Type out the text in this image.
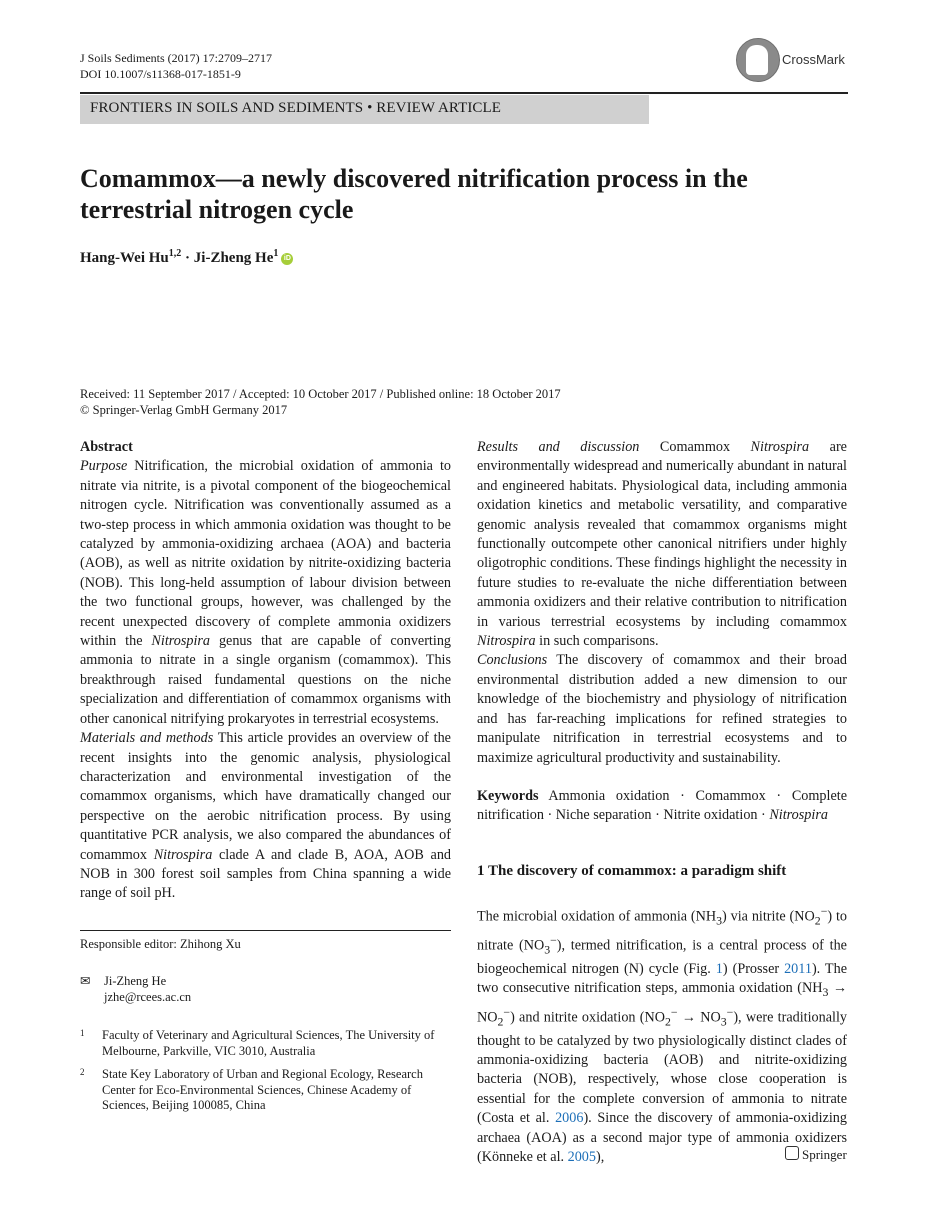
J Soils Sediments (2017) 17:2709–2717
DOI 10.1007/s11368-017-1851-9
CrossMark
FRONTIERS IN SOILS AND SEDIMENTS • REVIEW ARTICLE
Comammox—a newly discovered nitrification process in the terrestrial nitrogen cycle
Hang-Wei Hu$^{1,2}$ · Ji-Zheng He$^1$ iD
Received: 11 September 2017 / Accepted: 10 October 2017 / Published online: 18 October 2017
© Springer-Verlag GmbH Germany 2017

Abstract

Purpose Nitrification, the microbial oxidation of ammonia to nitrate via nitrite, is a pivotal component of the biogeochemical nitrogen cycle. Nitrification was conventionally assumed as a two-step process in which ammonia oxidation was thought to be catalyzed by ammonia-oxidizing archaea (AOA) and bacteria (AOB), as well as nitrite oxidation by nitrite-oxidizing bacteria (NOB). This long-held assumption of labour division between the two functional groups, however, was challenged by the recent unexpected discovery of complete ammonia oxidizers within the Nitrospira genus that are capable of converting ammonia to nitrate in a single organism (comammox). This breakthrough raised fundamental questions on the niche specialization and differentiation of comammox organisms with other canonical nitrifying prokaryotes in terrestrial ecosystems.

Materials and methods This article provides an overview of the recent insights into the genomic analysis, physiological characterization and environmental investigation of the comammox organisms, which have dramatically changed our perspective on the aerobic nitrification process. By using quantitative PCR analysis, we also compared the abundances of comammox Nitrospira clade A and clade B, AOA, AOB and NOB in 300 forest soil samples from China spanning a wide range of soil pH.

Responsible editor: Zhihong Xu
✉ Ji-Zheng He
jzhe@rcees.ac.cn
1 Faculty of Veterinary and Agricultural Sciences, The University of Melbourne, Parkville, VIC 3010, Australia
2 State Key Laboratory of Urban and Regional Ecology, Research Center for Eco-Environmental Sciences, Chinese Academy of Sciences, Beijing 100085, China

Results and discussion Comammox Nitrospira are environmentally widespread and numerically abundant in natural and engineered habitats. Physiological data, including ammonia oxidation kinetics and metabolic versatility, and comparative genomic analysis revealed that comammox organisms might functionally outcompete other canonical nitrifiers under highly oligotrophic conditions. These findings highlight the necessity in future studies to re-evaluate the niche differentiation between ammonia oxidizers and their relative contribution to nitrification in various terrestrial ecosystems by including comammox Nitrospira in such comparisons.

Conclusions The discovery of comammox and their broad environmental distribution added a new dimension to our knowledge of the biochemistry and physiology of nitrification and has far-reaching implications for refined strategies to manipulate nitrification in terrestrial ecosystems and to maximize agricultural productivity and sustainability.

Keywords Ammonia oxidation · Comammox · Complete nitrification · Niche separation · Nitrite oxidation · Nitrospira

1 The discovery of comammox: a paradigm shift

The microbial oxidation of ammonia $(NH_3)$ via nitrite $(NO_2^-)$ to nitrate $(NO_3^-)$, termed nitrification, is a central process of the biogeochemical nitrogen (N) cycle (Fig. 1) (Prosser 2011). The two consecutive nitrification steps, ammonia oxidation $(NH_3 \to NO_2^-)$ and nitrite oxidation $(NO_2^- \to NO_3^-)$, were traditionally thought to be catalyzed by two physiologically distinct clades of ammonia-oxidizing bacteria (AOB) and nitrite-oxidizing bacteria (NOB), respectively, whose close cooperation is essential for the complete conversion of ammonia to nitrate (Costa et al. 2006). Since the discovery of ammonia-oxidizing archaea (AOA) as a second major type of ammonia oxidizers (Könneke et al. 2005),	Springer
